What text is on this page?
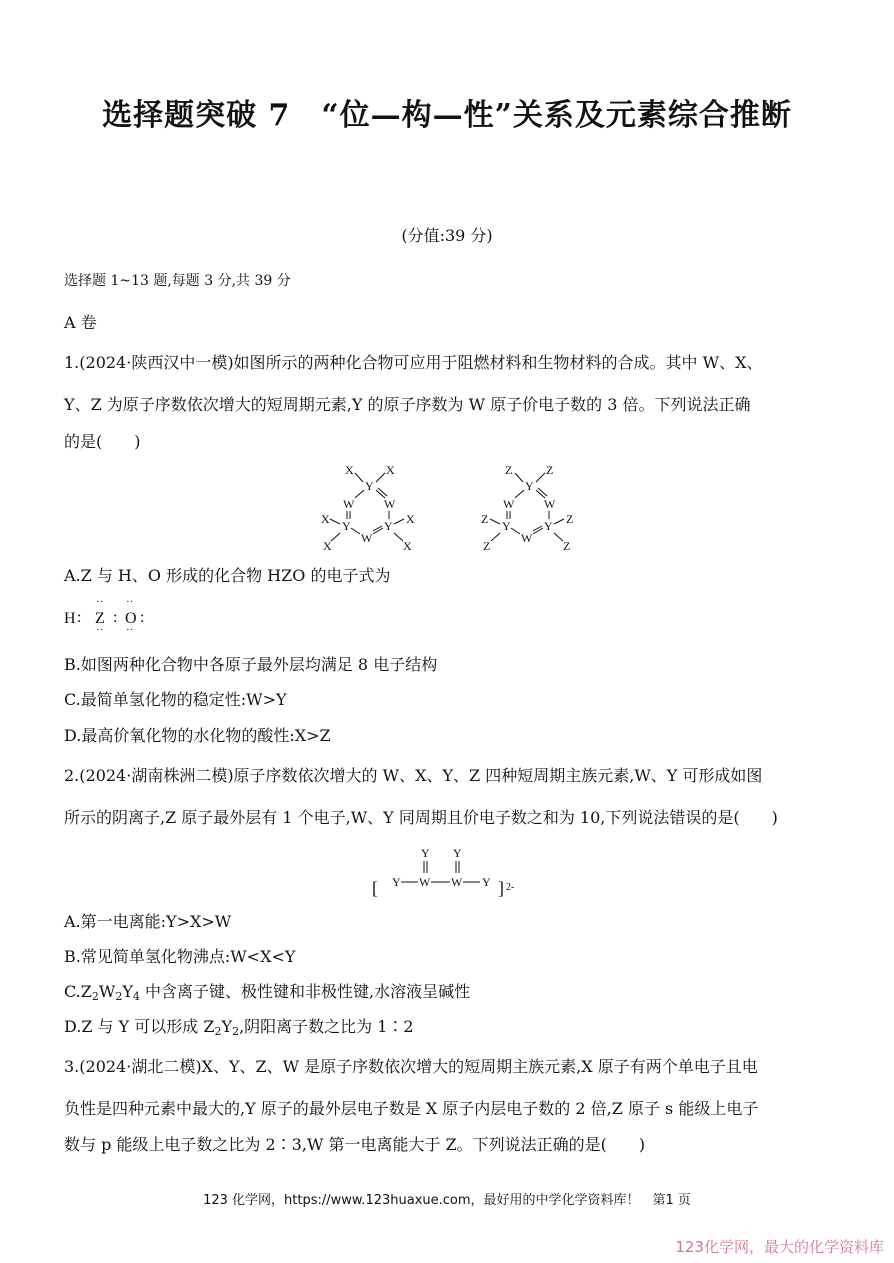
选择题突破 7　“位—构—性”关系及元素综合推断
(分值:39 分)
选择题 1~13 题,每题 3 分,共 39 分
A 卷
1.(2024·陕西汉中一模)如图所示的两种化合物可应用于阻燃材料和生物材料的合成。其中 W、X、
Y、Z 为原子序数依次增大的短周期元素,Y 的原子序数为 W 原子价电子数的 3 倍。下列说法正确
的是(　　)
X	X
Y
W W
X Y	Y X
W
X	X
Z	Z
Y
W W
Z Y	Y Z
W
Z	Z
A.Z 与 H、O 形成的化合物 HZO 的电子式为
H :
··
Z
··
:
··
O
··
:
B.如图两种化合物中各原子最外层均满足 8 电子结构
C.最简单氢化物的稳定性:W>Y
D.最高价氧化物的水化物的酸性:X>Z
2.(2024·湖南株洲二模)原子序数依次增大的 W、X、Y、Z 四种短周期主族元素,W、Y 可形成如图
所示的阴离子,Z 原子最外层有 1 个电子,W、Y 同周期且价电子数之和为 10,下列说法错误的是(　　)
[
Y Y
Y W W Y ] 2-
A.第一电离能:Y>X>W
B.常见简单氢化物沸点:W<X<Y
$C.Z_2W_2Y_4$ 中含离子键、极性键和非极性键,水溶液呈碱性
D.Z 与 Y 可以形成 $Z_2Y_2$,阴阳离子数之比为 1∶2
3.(2024·湖北二模)X、Y、Z、W 是原子序数依次增大的短周期主族元素,X 原子有两个单电子且电
负性是四种元素中最大的,Y 原子的最外层电子数是 X 原子内层电子数的 2 倍,Z 原子 s 能级上电子
数与 p 能级上电子数之比为 2∶3,W 第一电离能大于 Z。下列说法正确的是(　　)
123 化学网，https://www.123huaxue.com，最好用的中学化学资料库！　第1 页
123化学网，最大的化学资料库
